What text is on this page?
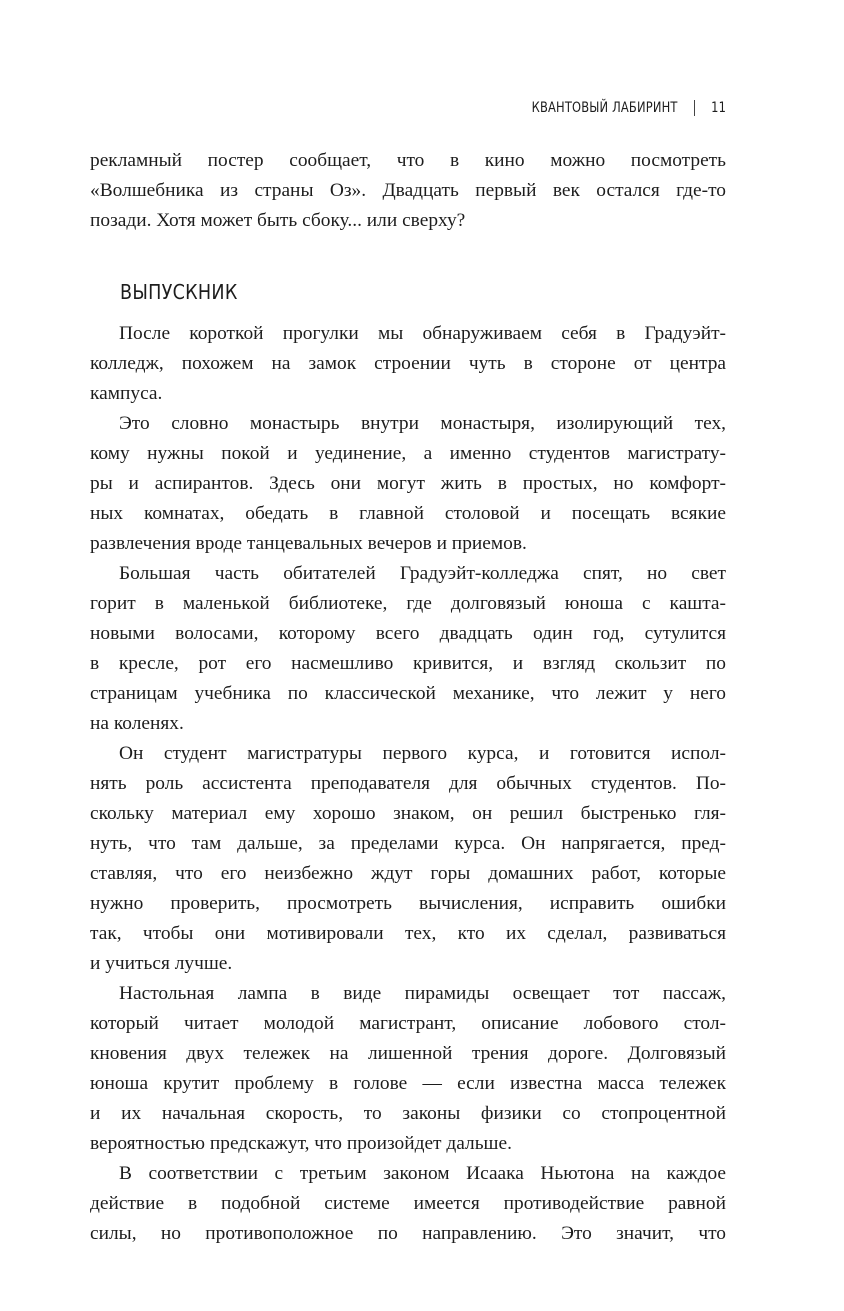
КВАНТОВЫЙ ЛАБИРИНТ 11
рекламный постер сообщает, что в кино можно посмотреть
«Волшебника из страны Оз». Двадцать первый век остался где-то
позади. Хотя может быть сбоку... или сверху?
ВЫПУСКНИК
После короткой прогулки мы обнаруживаем себя в Градуэйт-
колледж, похожем на замок строении чуть в стороне от центра
кампуса.
Это словно монастырь внутри монастыря, изолирующий тех,
кому нужны покой и уединение, а именно студентов магистрату-
ры и аспирантов. Здесь они могут жить в простых, но комфорт-
ных комнатах, обедать в главной столовой и посещать всякие
развлечения вроде танцевальных вечеров и приемов.
Большая часть обитателей Градуэйт-колледжа спят, но свет
горит в маленькой библиотеке, где долговязый юноша с кашта-
новыми волосами, которому всего двадцать один год, сутулится
в кресле, рот его насмешливо кривится, и взгляд скользит по
страницам учебника по классической механике, что лежит у него
на коленях.
Он студент магистратуры первого курса, и готовится испол-
нять роль ассистента преподавателя для обычных студентов. По-
скольку материал ему хорошо знаком, он решил быстренько гля-
нуть, что там дальше, за пределами курса. Он напрягается, пред-
ставляя, что его неизбежно ждут горы домашних работ, которые
нужно проверить, просмотреть вычисления, исправить ошибки
так, чтобы они мотивировали тех, кто их сделал, развиваться
и учиться лучше.
Настольная лампа в виде пирамиды освещает тот пассаж,
который читает молодой магистрант, описание лобового стол-
кновения двух тележек на лишенной трения дороге. Долговязый
юноша крутит проблему в голове — если известна масса тележек
и их начальная скорость, то законы физики со стопроцентной
вероятностью предскажут, что произойдет дальше.
В соответствии с третьим законом Исаака Ньютона на каждое
действие в подобной системе имеется противодействие равной
силы, но противоположное по направлению. Это значит, что
